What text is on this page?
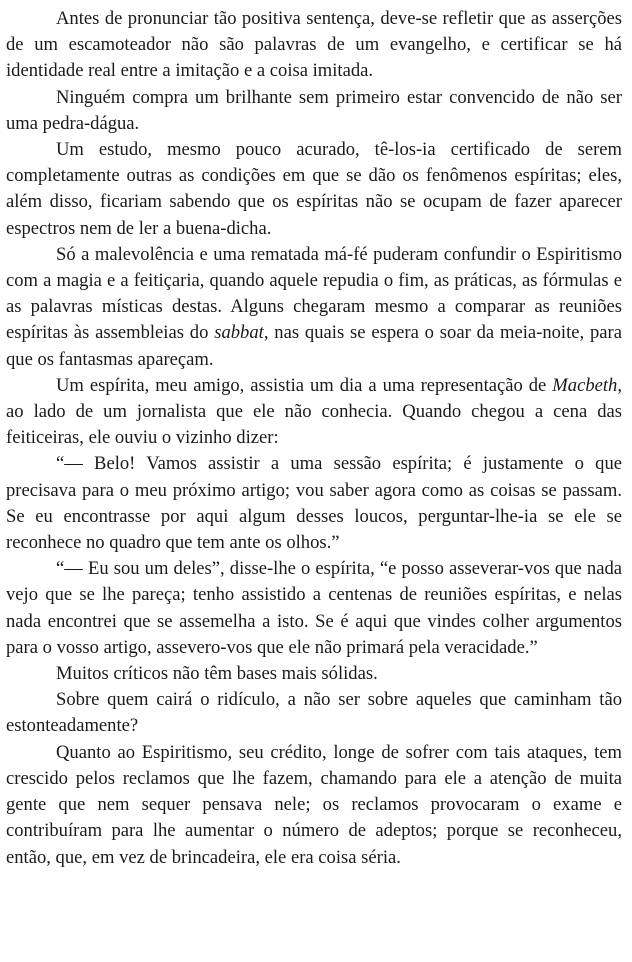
Antes de pronunciar tão positiva sentença, deve-se refletir que as asserções de um escamoteador não são palavras de um evangelho, e certificar se há identidade real entre a imitação e a coisa imitada.

Ninguém compra um brilhante sem primeiro estar convencido de não ser uma pedra-dágua.

Um estudo, mesmo pouco acurado, tê-los-ia certificado de serem completamente outras as condições em que se dão os fenômenos espíritas; eles, além disso, ficariam sabendo que os espíritas não se ocupam de fazer aparecer espectros nem de ler a buena-dicha.

Só a malevolência e uma rematada má-fé puderam confundir o Espiritismo com a magia e a feitiçaria, quando aquele repudia o fim, as práticas, as fórmulas e as palavras místicas destas. Alguns chegaram mesmo a comparar as reuniões espíritas às assembleias do sabbat, nas quais se espera o soar da meia-noite, para que os fantasmas apareçam.

Um espírita, meu amigo, assistia um dia a uma representação de Macbeth, ao lado de um jornalista que ele não conhecia. Quando chegou a cena das feiticeiras, ele ouviu o vizinho dizer:

“— Belo! Vamos assistir a uma sessão espírita; é justamente o que precisava para o meu próximo artigo; vou saber agora como as coisas se passam. Se eu encontrasse por aqui algum desses loucos, perguntar-lhe-ia se ele se reconhece no quadro que tem ante os olhos.”

“— Eu sou um deles”, disse-lhe o espírita, “e posso asseverar-vos que nada vejo que se lhe pareça; tenho assistido a centenas de reuniões espíritas, e nelas nada encontrei que se assemelha a isto. Se é aqui que vindes colher argumentos para o vosso artigo, assevero-vos que ele não primará pela veracidade.”

Muitos críticos não têm bases mais sólidas.

Sobre quem cairá o ridículo, a não ser sobre aqueles que caminham tão estonteadamente?

Quanto ao Espiritismo, seu crédito, longe de sofrer com tais ataques, tem crescido pelos reclamos que lhe fazem, chamando para ele a atenção de muita gente que nem sequer pensava nele; os reclamos provocaram o exame e contribuíram para lhe aumentar o número de adeptos; porque se reconheceu, então, que, em vez de brincadeira, ele era coisa séria.
